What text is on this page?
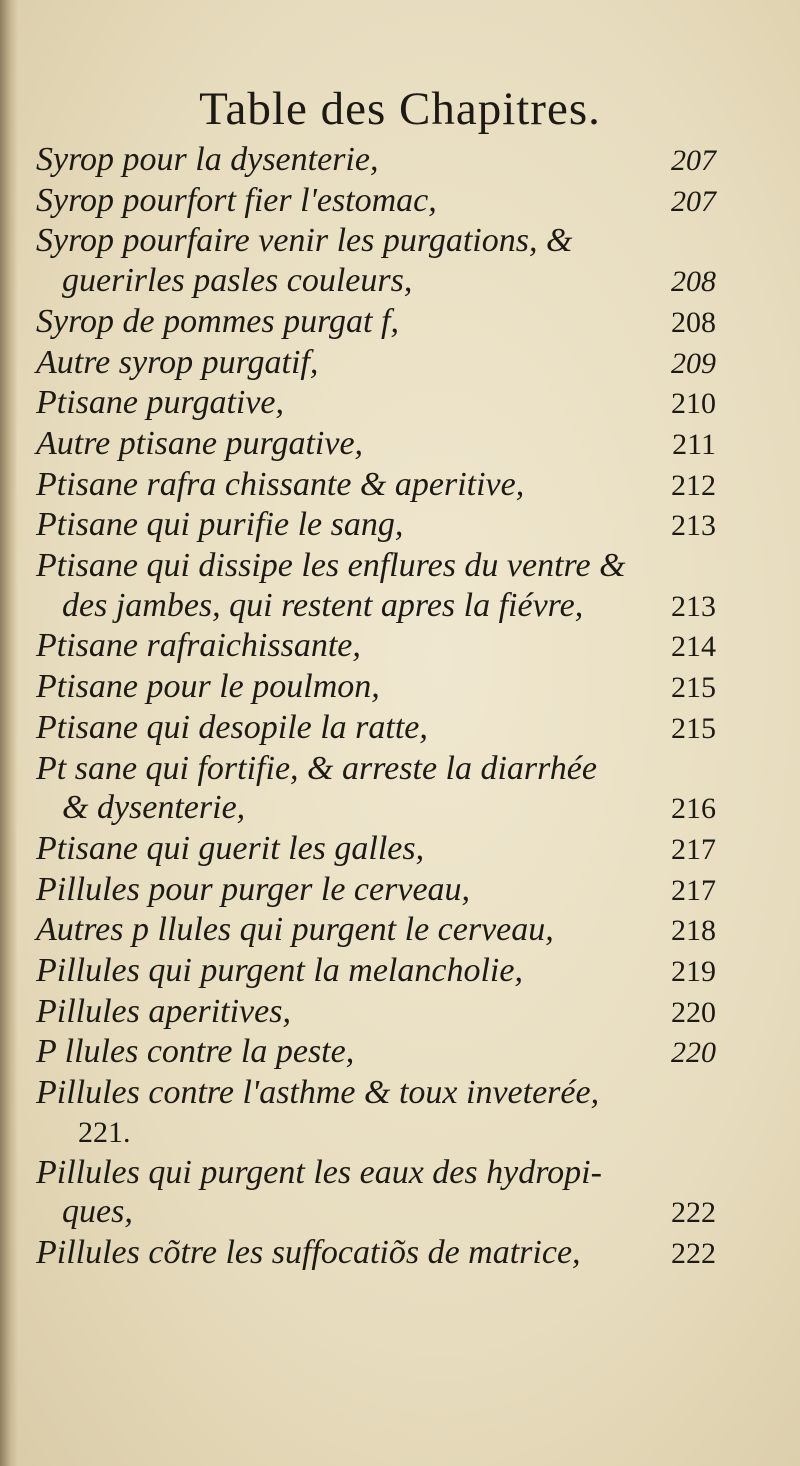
Table des Chapitres.
Syrop pour la dysenterie,	207
Syrop pourfort fier l'estomac,	207
Syrop pourfaire venir les purgations, &
guerirles pasles couleurs,	208
Syrop de pommes purgat f,	208
Autre syrop purgatif,	209
Ptisane purgative,	210
Autre ptisane purgative,	211
Ptisane rafra chissante & aperitive,	212
Ptisane qui purifie le sang,	213
Ptisane qui dissipe les enflures du ventre &
des jambes, qui restent apres la fiévre,	213
Ptisane rafraichissante,	214
Ptisane pour le poulmon,	215
Ptisane qui desopile la ratte,	215
Pt sane qui fortifie, & arreste la diarrhée
& dysenterie,	216
Ptisane qui guerit les galles,	217
Pillules pour purger le cerveau,	217
Autres p llules qui purgent le cerveau,	218
Pillules qui purgent la melancholie,	219
Pillules aperitives,	220
P llules contre la peste,	220
Pillules contre l'asthme & toux inveterée,
221.
Pillules qui purgent les eaux des hydropi-
ques,	222
Pillules cõtre les suffocatiõs de matrice,	222
